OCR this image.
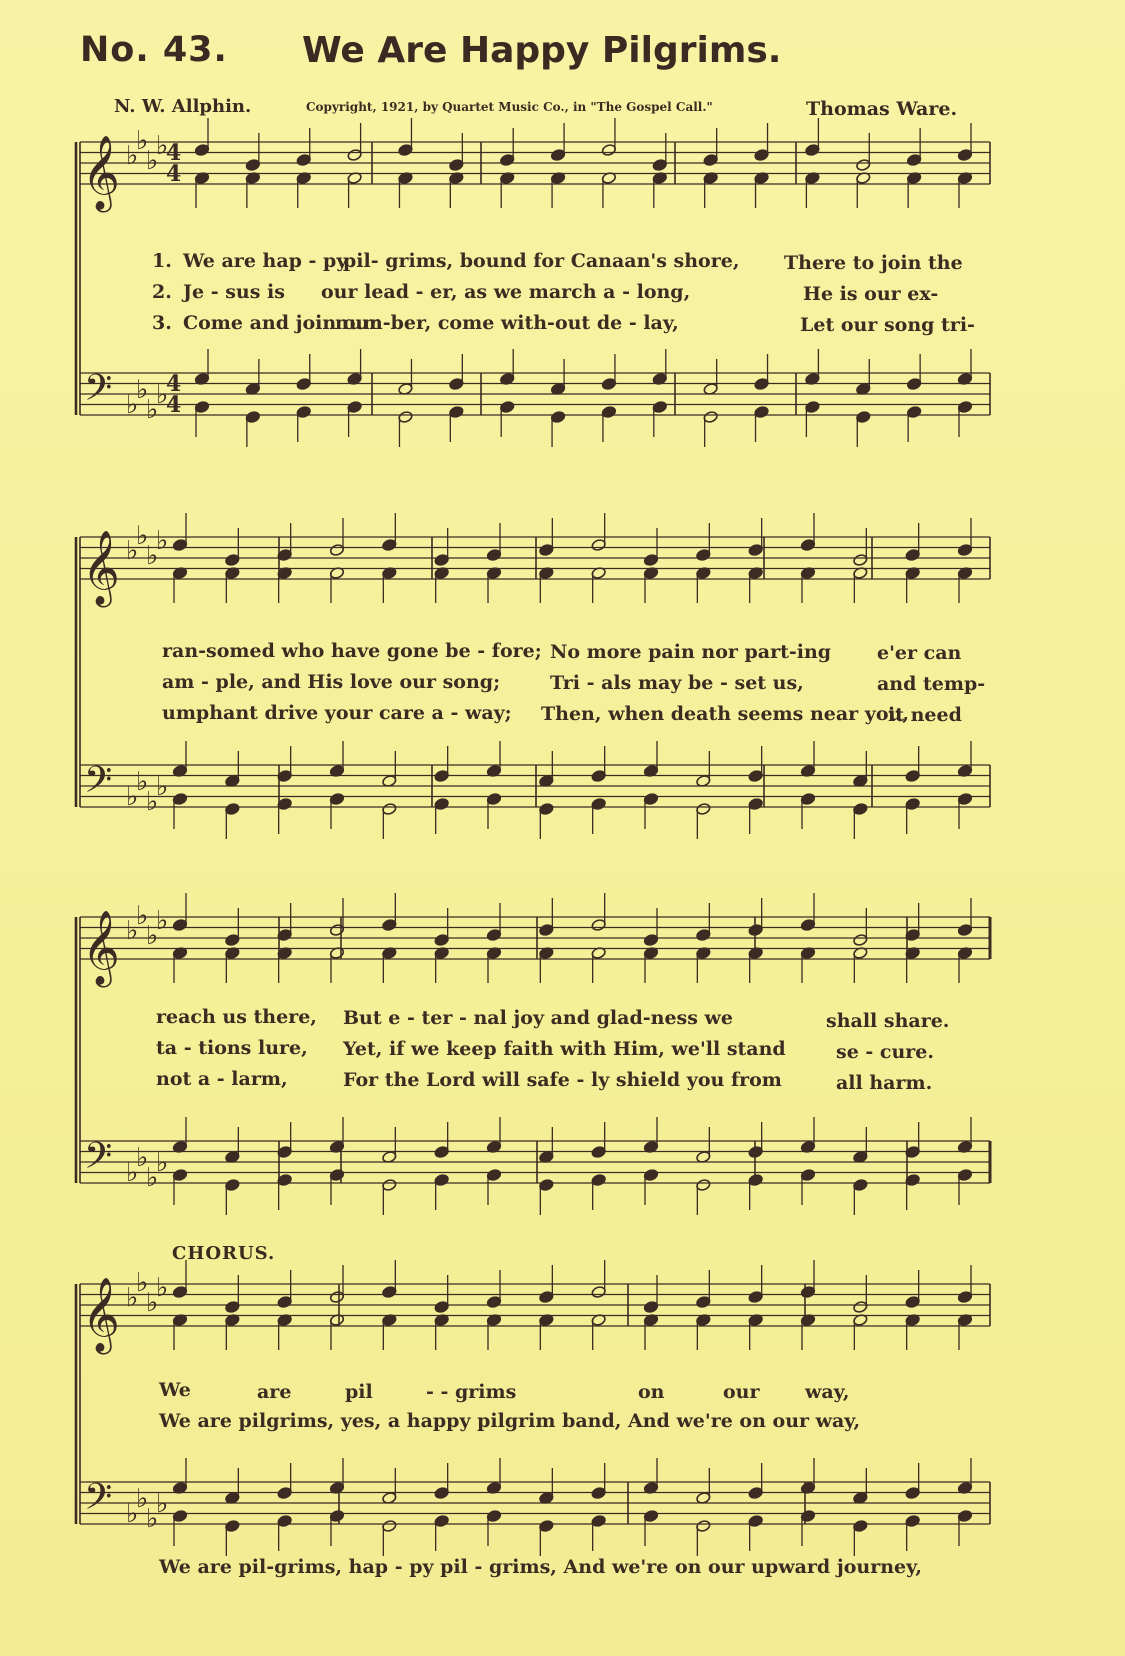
No. 43. We Are Happy Pilgrims.
N. W. Allphin.	Copyright, 1921, by Quartet Music Co., in "The Gospel Call."	Thomas Ware.
𝄞
𝄢
♭
♭
♭
♭
♭
♭
♭
♭
4
4
4
4
𝄞
𝄢
♭
♭
♭
♭
♭
♭
♭
♭
𝄞
𝄢
♭
♭
♭
♭
♭
♭
♭
♭
𝄞
𝄢
♭
♭
♭
♭
♭
♭
♭
♭
1. We are hap - py
pil- grims, bound for Canaan's shore, There to join the
2. Je - sus is our lead - er, as we march a - long,	He is our ex-
3. Come and join our
num-ber, come with-out de - lay,	Let our song tri-
ran-somed who have gone be - fore; No more pain nor part-ing e'er can
am - ple, and His love our song;	Tri - als may be - set us,	and temp-
umphant drive your care a - way; Then, when death seems near you,
it need
reach us there, But e - ter - nal joy and glad-ness we	shall share.
ta - tions lure, Yet, if we keep faith with Him, we'll stand	se - cure.
not a - larm,	For the Lord will safe - ly shield you from	all harm.
CHORUS.
We	are	pil	- - grims	on	our way,
We are pilgrims, yes, a happy pilgrim band, And we're on our way,
We are pil-grims, hap - py pil - grims, And we're on our upward journey,
